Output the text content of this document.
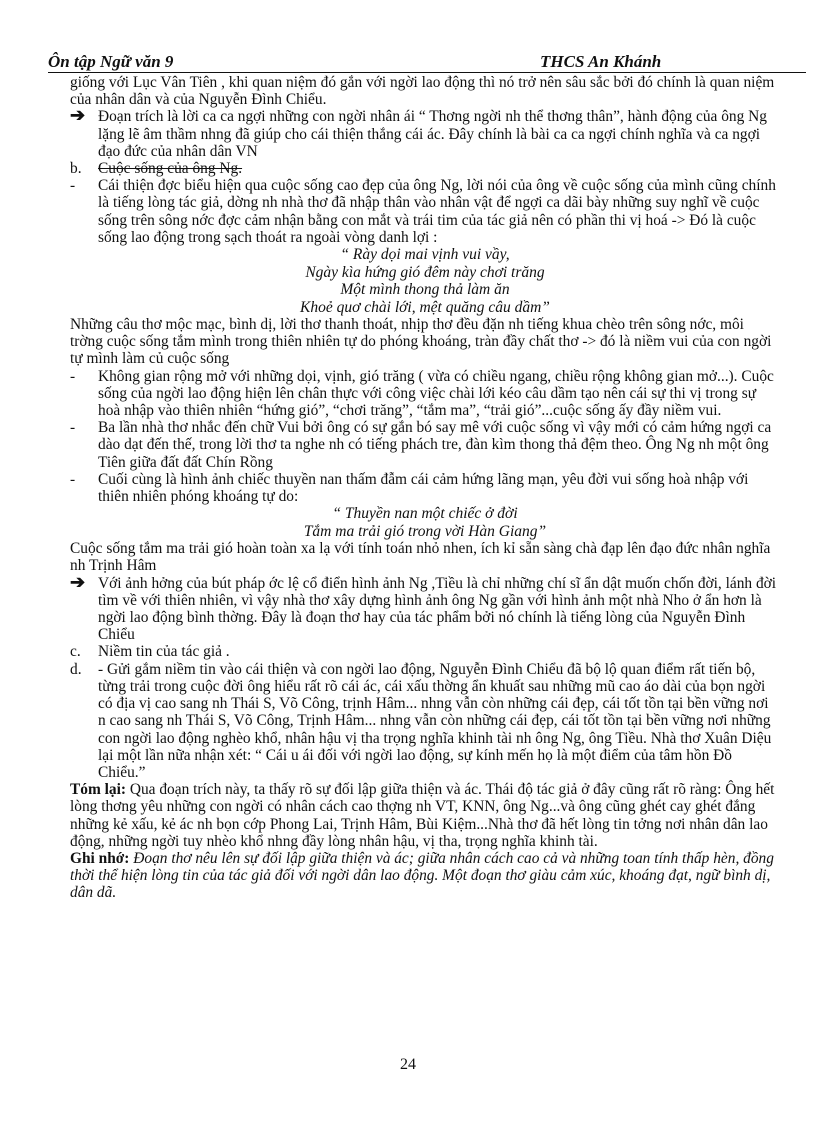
Ôn tập Ngữ văn 9	THCS An Khánh

giống với Lục Vân Tiên , khi quan niệm đó gắn với ngời lao động thì nó trở nên sâu sắc bởi đó chính là quan niệm của nhân dân và của Nguyễn Đình Chiểu.

➔ Đoạn trích là lời ca ca ngợi những con ngời nhân ái “ Thơng ngời nh thể thơng thân”, hành động của ông Ng lặng lẽ âm thầm nhng đã giúp cho cái thiện thắng cái ác. Đây chính là bài ca ca ngợi chính nghĩa và ca ngợi đạo đức của nhân dân VN
b. Cuộc sống của ông Ng.
- Cái thiện đợc biểu hiện qua cuộc sống cao đẹp của ông Ng, lời nói của ông về cuộc sống của mình cũng chính là tiếng lòng tác giả, dờng nh nhà thơ đã nhập thân vào nhân vật để ngợi ca dãi bày những suy nghĩ về cuộc sống trên sông nớc đợc cảm nhận bằng con mắt và trái tim của tác giả nên có phần thi vị hoá -> Đó là cuộc sống lao động trong sạch thoát ra ngoài vòng danh lợi :
“ Rày dọi mai vịnh vui vầy,
Ngày kìa hứng gió đêm này chơi trăng
Một mình thong thả làm ăn
Khoẻ quơ chài lới, mệt quăng câu dầm”

Những câu thơ mộc mạc, bình dị, lời thơ thanh thoát, nhịp thơ đều đặn nh tiếng khua chèo trên sông nớc, môi trờng cuộc sống tắm mình trong thiên nhiên tự do phóng khoáng, tràn đầy chất thơ -> đó là niềm vui của con ngời tự mình làm củ cuộc sống

- Không gian rộng mở với những dọi, vịnh, gió trăng ( vừa có chiều ngang, chiều rộng không gian mở...). Cuộc sống của ngời lao động hiện lên chân thực với công việc chài lới kéo câu dầm tạo nên cái sự thi vị trong sự hoà nhập vào thiên nhiên “hứng gió”, “chơi trăng”, “tắm ma”, “trải gió”...cuộc sống ấy đầy niềm vui.
- Ba lần nhà thơ nhắc đến chữ Vui bởi ông có sự gắn bó say mê với cuộc sống vì vậy mới có cảm hứng ngợi ca dào dạt đến thế, trong lời thơ ta nghe nh có tiếng phách tre, đàn kìm thong thả đệm theo. Ông Ng nh một ông Tiên giữa đất đất Chín Rồng
- Cuối cùng là hình ảnh chiếc thuyền nan thấm đẫm cái cảm hứng lãng mạn, yêu đời vui sống hoà nhập với thiên nhiên phóng khoáng tự do:
“ Thuyền nan một chiếc ở đời
Tắm ma trải gió trong vời Hàn Giang”

Cuộc sống tắm ma trải gió hoàn toàn xa lạ với tính toán nhỏ nhen, ích kỉ sẵn sàng chà đạp lên đạo đức nhân nghĩa nh Trịnh Hâm

➔ Với ảnh hởng của bút pháp ớc lệ cổ điển hình ảnh Ng ,Tiều là chỉ những chí sĩ ẩn dật muốn chốn đời, lánh đời tìm về với thiên nhiên, vì vậy nhà thơ xây dựng hình ảnh ông Ng gần với hình ảnh một nhà Nho ở ẩn hơn là ngời lao động bình thờng. Đây là đoạn thơ hay của tác phẩm bởi nó chính là tiếng lòng của Nguyễn Đình Chiểu
c. Niềm tin của tác giả .
d. - Gửi gắm niềm tin vào cái thiện và con ngời lao động, Nguyễn Đình Chiểu đã bộ lộ quan điểm rất tiến bộ, từng trải trong cuộc đời ông hiểu rất rõ cái ác, cái xấu thờng ẩn khuất sau những mũ cao áo dài của bọn ngời có địa vị cao sang nh Thái S, Võ Công, trịnh Hâm... nhng vẫn còn những cái đẹp, cái tốt tồn tại bền vững nơi n cao sang nh Thái S, Võ Công, Trịnh Hâm... nhng vẫn còn những cái đẹp, cái tốt tồn tại bền vững nơi những con ngời lao động nghèo khổ, nhân hậu vị tha trọng nghĩa khinh tài nh ông Ng, ông Tiều. Nhà thơ Xuân Diệu lại một lần nữa nhận xét: “ Cái u ái đối với ngời lao động, sự kính mến họ là một điểm của tâm hồn Đồ Chiểu.”

Tóm lại: Qua đoạn trích này, ta thấy rõ sự đối lập giữa thiện và ác. Thái độ tác giả ở đây cũng rất rõ ràng: Ông hết lòng thơng yêu những con ngời có nhân cách cao thợng nh VT, KNN, ông Ng...và ông cũng ghét cay ghét đắng những kẻ xấu, kẻ ác nh bọn cớp Phong Lai, Trịnh Hâm, Bùi Kiệm...Nhà thơ đã hết lòng tin tởng nơi nhân dân lao động, những ngời tuy nhèo khổ nhng đầy lòng nhân hậu, vị tha, trọng nghĩa khinh tài.

Ghi nhớ: Đoạn thơ nêu lên sự đối lập giữa thiện và ác; giữa nhân cách cao cả và những toan tính thấp hèn, đồng thời thể hiện lòng tin của tác giả đối với ngời dân lao động. Một đoạn thơ giàu cảm xúc, khoáng đạt, ngữ bình dị, dân dã.

24
